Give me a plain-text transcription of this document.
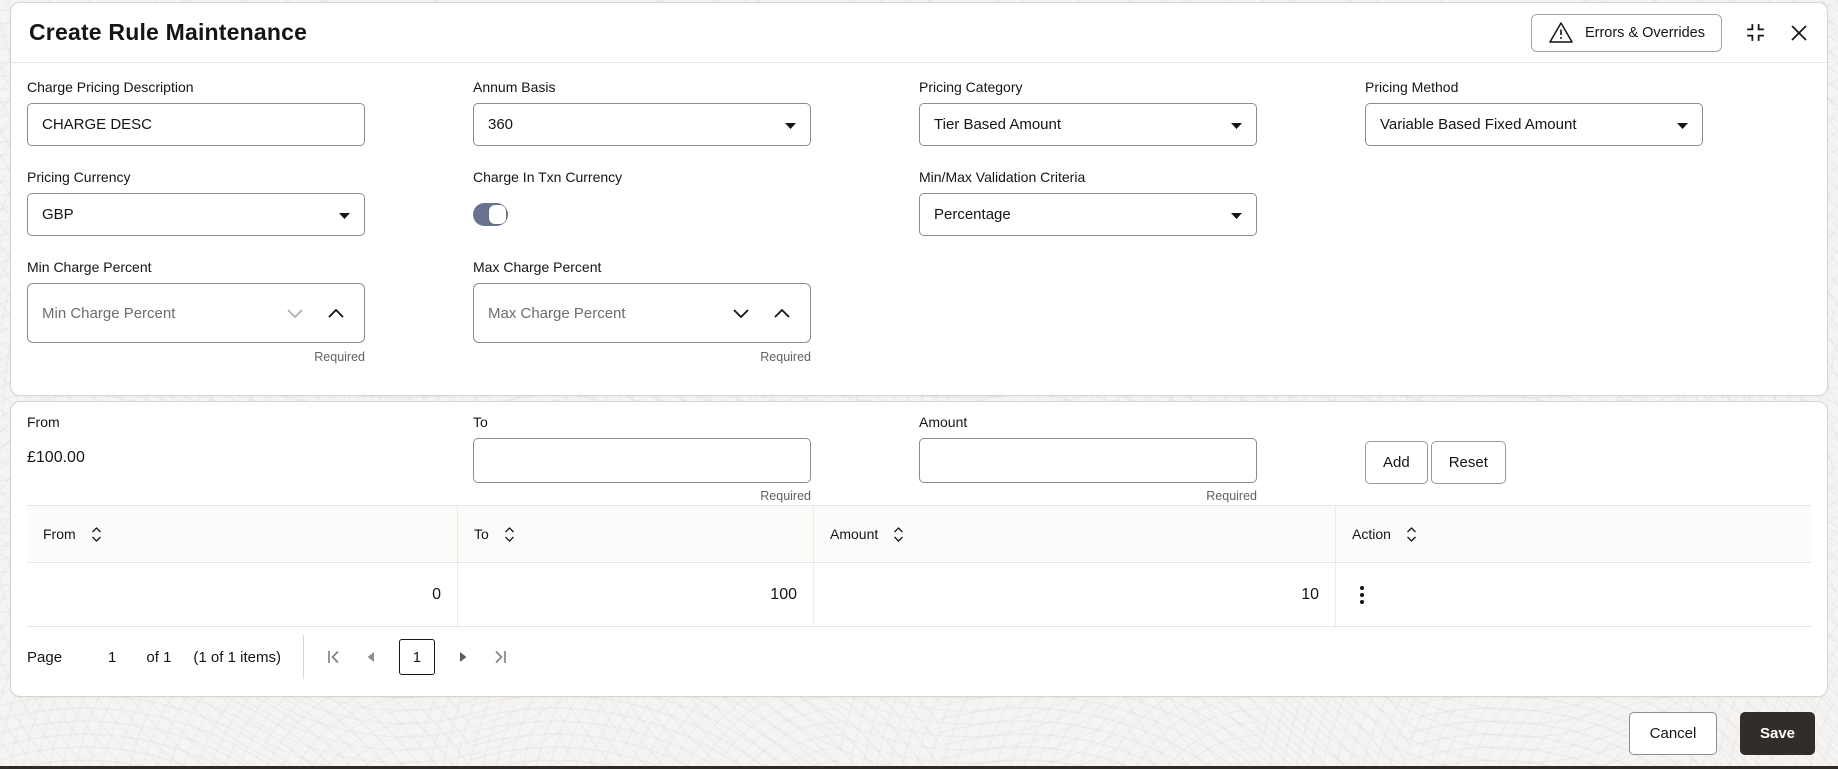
Create Rule Maintenance	Errors & Overrides
Charge Pricing Description
CHARGE DESC	Annum Basis
360
Pricing Category
Tier Based Amount
Pricing Method
Variable Based Fixed Amount
Pricing Currency
GBP
Charge In Txn Currency	Min/Max Validation Criteria
Percentage
Min Charge Percent
Min Charge Percent
Required
Max Charge Percent
Max Charge Percent
Required
From
£100.00
To
Required
Amount
Required
Add	Reset
From	To	Amount	Action
0	100	10
Page	1 of 1 (1 of 1 items)	1
Cancel	Save
